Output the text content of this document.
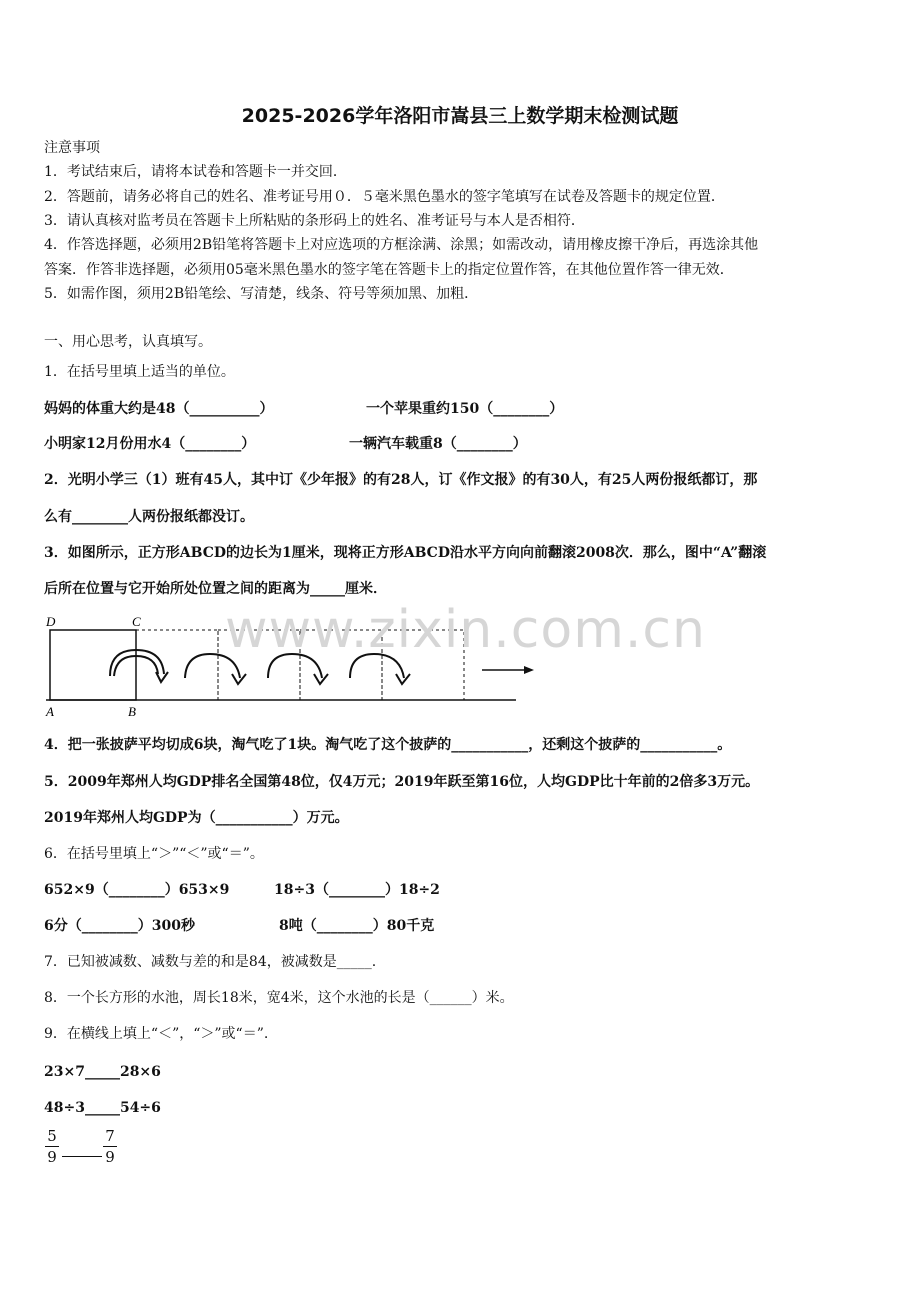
2025-2026学年洛阳市嵩县三上数学期末检测试题
注意事项
1．考试结束后，请将本试卷和答题卡一并交回．
2．答题前，请务必将自己的姓名、准考证号用０．５毫米黑色墨水的签字笔填写在试卷及答题卡的规定位置．
3．请认真核对监考员在答题卡上所粘贴的条形码上的姓名、准考证号与本人是否相符．
4．作答选择题，必须用2B铅笔将答题卡上对应选项的方框涂满、涂黑；如需改动，请用橡皮擦干净后，再选涂其他
答案．作答非选择题，必须用05毫米黑色墨水的签字笔在答题卡上的指定位置作答，在其他位置作答一律无效．
5．如需作图，须用2B铅笔绘、写清楚，线条、符号等须加黑、加粗．
一、用心思考，认真填写。
1．在括号里填上适当的单位。
妈妈的体重大约是48（__________）	一个苹果重约150（________）
小明家12月份用水4（________）	一辆汽车载重8（________）
2．光明小学三（1）班有45人，其中订《少年报》的有28人，订《作文报》的有30人，有25人两份报纸都订，那
么有________人两份报纸都没订。
3．如图所示，正方形ABCD的边长为1厘米，现将正方形ABCD沿水平方向向前翻滚2008次．那么，图中“A”翻滚
后所在位置与它开始所处位置之间的距离为_____厘米．
D	C
A	B
www.zixin.com.cn
4．把一张披萨平均切成6块，淘气吃了1块。淘气吃了这个披萨的___________，还剩这个披萨的___________。
5．2009年郑州人均GDP排名全国第48位，仅4万元；2019年跃至第16位，人均GDP比十年前的2倍多3万元。
2019年郑州人均GDP为（___________）万元。
6．在括号里填上“＞”“＜”或“＝”。
652×9（________）653×9	18÷3（________）18÷2
6分（________）300秒	8吨（________）80千克
7．已知被减数、减数与差的和是84，被减数是_____.
8．一个长方形的水池，周长18米，宽4米，这个水池的长是（______）米。
9．在横线上填上“＜”，“＞”或“＝”.
23×7_____28×6
48÷3_____54÷6
5
9
7
9
